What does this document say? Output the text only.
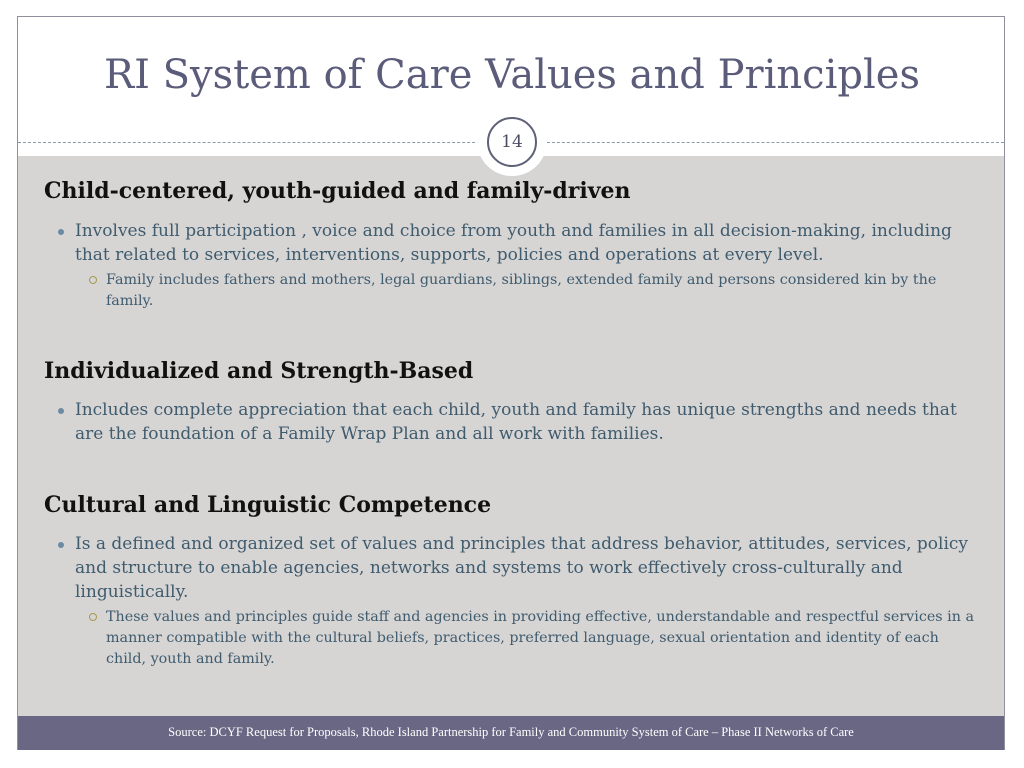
RI System of Care Values and Principles
14
Child-centered, youth-guided and family-driven
Involves full participation , voice and choice from youth and families in all decision-making, including that related to services, interventions, supports, policies and operations at every level.
Family includes fathers and mothers, legal guardians, siblings, extended family and persons considered kin by the family.
Individualized and Strength-Based
Includes complete appreciation that each child, youth and family has unique strengths and needs that are the foundation of a Family Wrap Plan and all work with families.
Cultural and Linguistic Competence
Is a defined and organized set of values and principles that address behavior, attitudes, services, policy and structure to enable agencies, networks and systems to work effectively cross-culturally and linguistically.
These values and principles guide staff and agencies in providing effective, understandable and respectful services in a manner compatible with the cultural beliefs, practices, preferred language, sexual orientation and identity of each child, youth and family.
Source: DCYF Request for Proposals, Rhode Island Partnership for Family and Community System of Care – Phase II Networks of Care
